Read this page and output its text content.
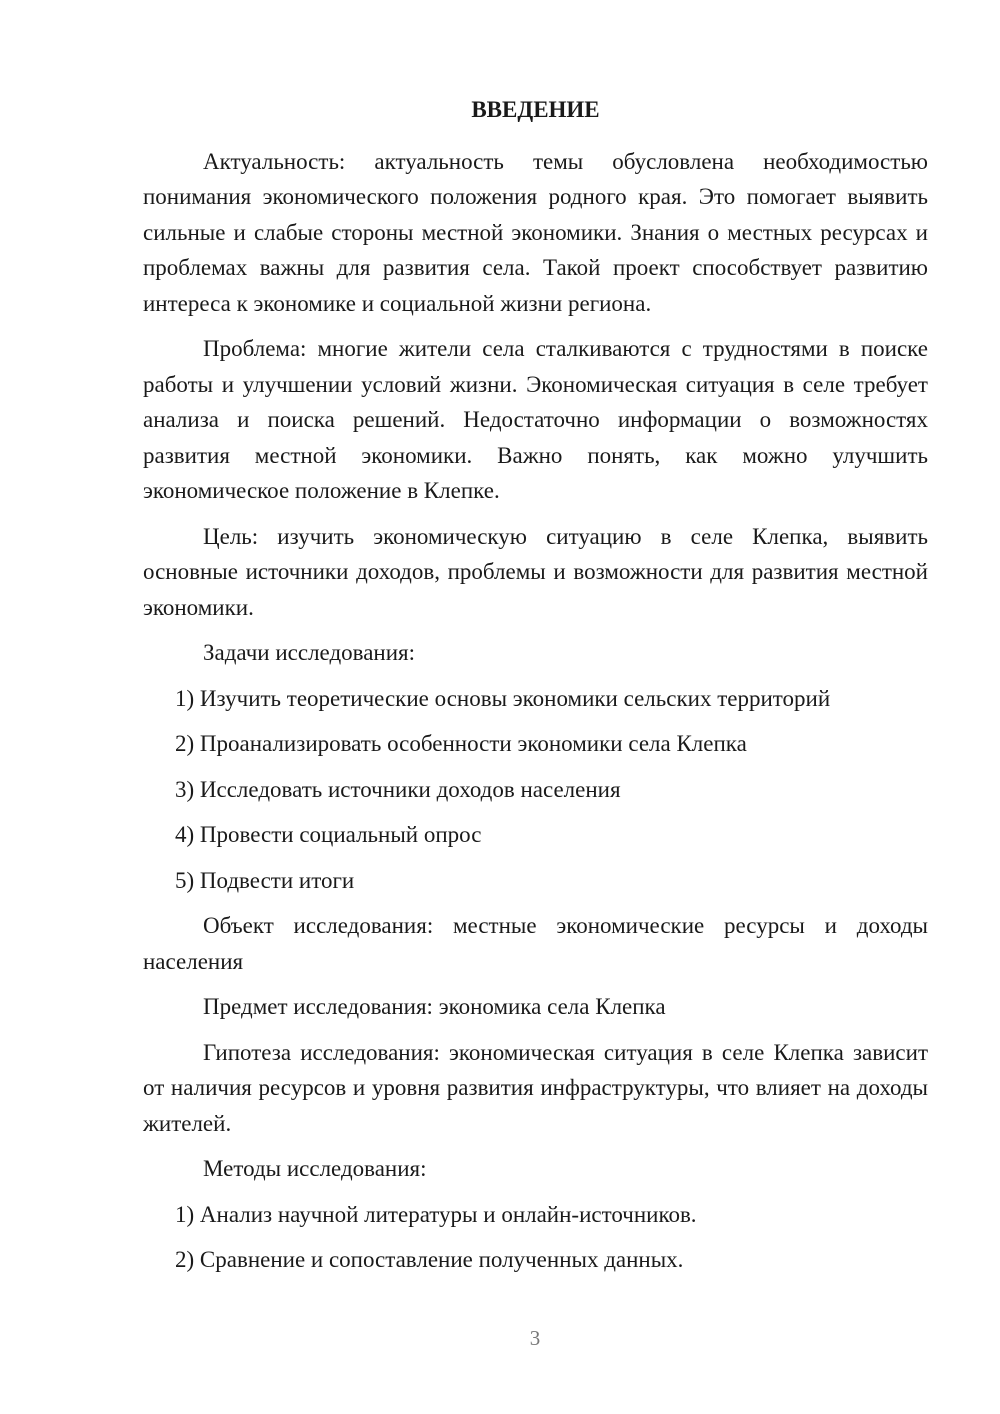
ВВЕДЕНИЕ

Актуальность: актуальность темы обусловлена необходимостью понимания экономического положения родного края. Это помогает выявить сильные и слабые стороны местной экономики. Знания о местных ресурсах и проблемах важны для развития села. Такой проект способствует развитию интереса к экономике и социальной жизни региона.

Проблема: многие жители села сталкиваются с трудностями в поиске работы и улучшении условий жизни. Экономическая ситуация в селе требует анализа и поиска решений. Недостаточно информации о возможностях развития местной экономики. Важно понять, как можно улучшить экономическое положение в Клепке.

Цель: изучить экономическую ситуацию в селе Клепка, выявить основные источники доходов, проблемы и возможности для развития местной экономики.

Задачи исследования:

1) Изучить теоретические основы экономики сельских территорий
2) Проанализировать особенности экономики села Клепка
3) Исследовать источники доходов населения
4) Провести социальный опрос
5) Подвести итоги

Объект исследования: местные экономические ресурсы и доходы населения

Предмет исследования: экономика села Клепка

Гипотеза исследования: экономическая ситуация в селе Клепка зависит от наличия ресурсов и уровня развития инфраструктуры, что влияет на доходы жителей.

Методы исследования:

1) Анализ научной литературы и онлайн-источников.
2) Сравнение и сопоставление полученных данных.
3
